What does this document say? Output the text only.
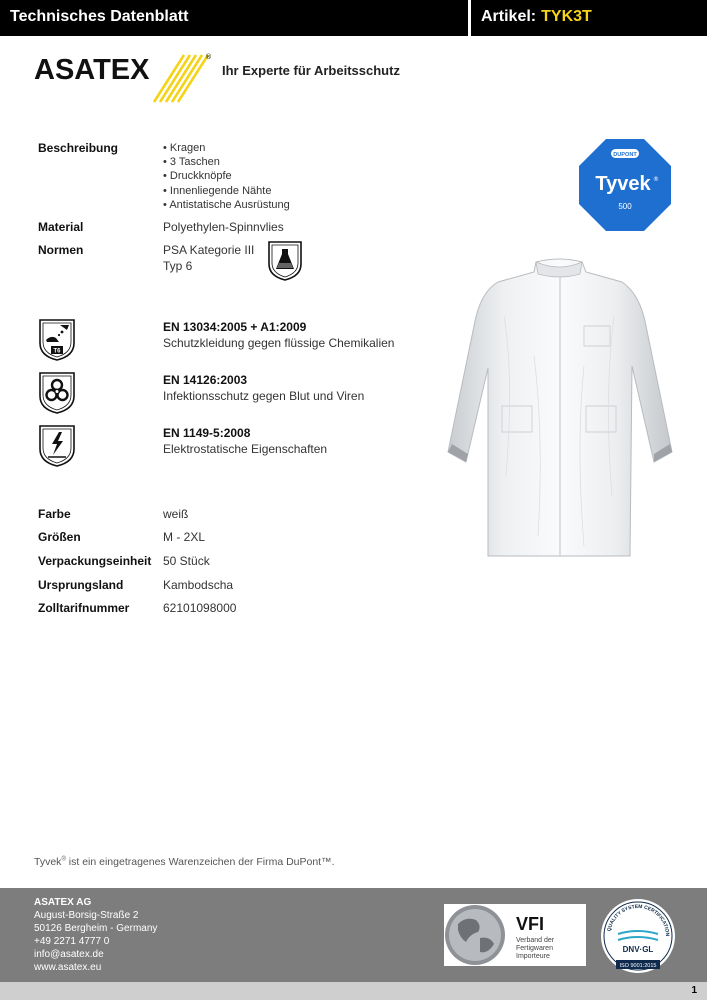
Technisches Datenblatt	Artikel: TYK3T
ASATEX	®
Ihr Experte für Arbeitsschutz
Beschreibung	• Kragen
• 3 Taschen
• Druckknöpfe
• Innenliegende Nähte
• Antistatische Ausrüstung
Material	Polyethylen-Spinnvlies
Normen	PSA Kategorie III
Typ 6
T6
EN 13034:2005 + A1:2009
Schutzkleidung gegen flüssige Chemikalien
EN 14126:2003
Infektionsschutz gegen Blut und Viren
EN 1149-5:2008
Elektrostatische Eigenschaften
Farbe	weiß
Größen	M - 2XL
Verpackungseinheit 50 Stück
Ursprungsland	Kambodscha
Zolltarifnummer	62101098000
DUPONT
Tyvek ®
500
Tyvek® ist ein eingetragenes Warenzeichen der Firma DuPont™.
ASATEX AG
August-Borsig-Straße 2
50126 Bergheim - Germany
+49 2271 4777 0
info@asatex.de
www.asatex.eu
VFI
Verband der
Fertigwaren
Importeure
QUALITY SYSTEM CERTIFICATION
DNV·GL
ISO 9001:2015
1
